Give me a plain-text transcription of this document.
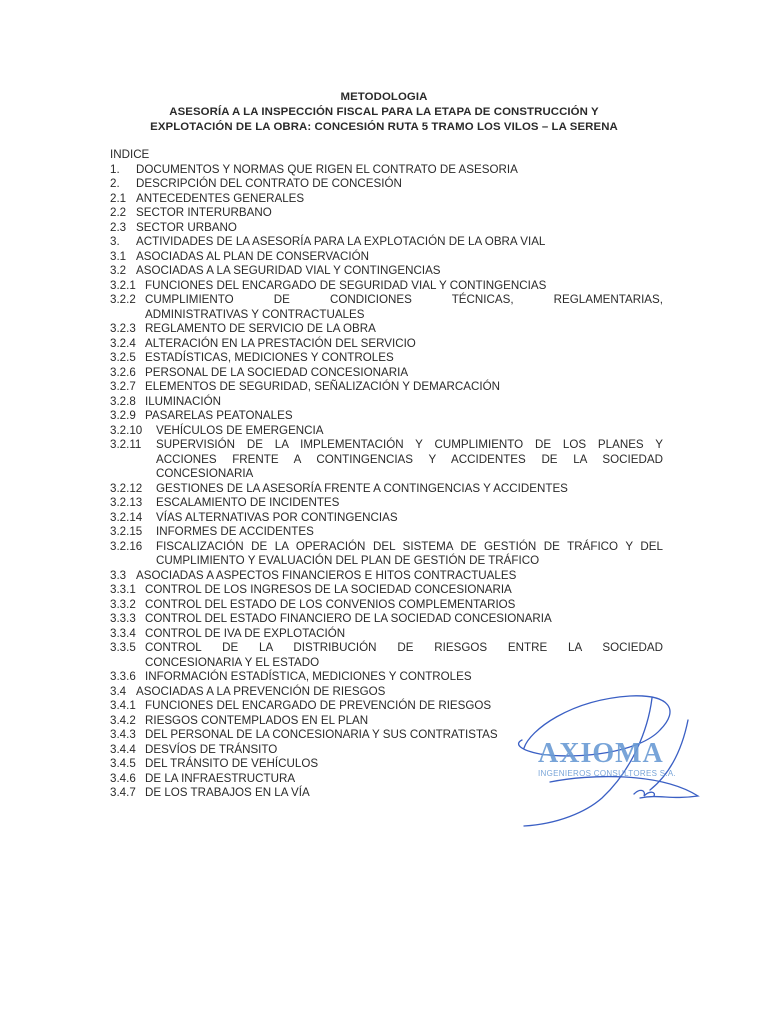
METODOLOGIA
ASESORÍA A LA INSPECCIÓN FISCAL PARA LA ETAPA DE CONSTRUCCIÓN Y
EXPLOTACIÓN DE LA OBRA: CONCESIÓN RUTA 5 TRAMO LOS VILOS – LA SERENA
INDICE
1.	DOCUMENTOS Y NORMAS QUE RIGEN EL CONTRATO DE ASESORIA
2.	DESCRIPCIÓN DEL CONTRATO DE CONCESIÓN
2.1 ANTECEDENTES GENERALES
2.2 SECTOR INTERURBANO
2.3 SECTOR URBANO
3.	ACTIVIDADES DE LA ASESORÍA PARA LA EXPLOTACIÓN DE LA OBRA VIAL
3.1 ASOCIADAS AL PLAN DE CONSERVACIÓN
3.2 ASOCIADAS A LA SEGURIDAD VIAL Y CONTINGENCIAS
3.2.1 FUNCIONES DEL ENCARGADO DE SEGURIDAD VIAL Y CONTINGENCIAS
3.2.2 CUMPLIMIENTO DE CONDICIONES TÉCNICAS, REGLAMENTARIAS,
ADMINISTRATIVAS Y CONTRACTUALES
3.2.3 REGLAMENTO DE SERVICIO DE LA OBRA
3.2.4 ALTERACIÓN EN LA PRESTACIÓN DEL SERVICIO
3.2.5 ESTADÍSTICAS, MEDICIONES Y CONTROLES
3.2.6 PERSONAL DE LA SOCIEDAD CONCESIONARIA
3.2.7 ELEMENTOS DE SEGURIDAD, SEÑALIZACIÓN Y DEMARCACIÓN
3.2.8 ILUMINACIÓN
3.2.9 PASARELAS PEATONALES
3.2.10	VEHÍCULOS DE EMERGENCIA
3.2.11	SUPERVISIÓN DE LA IMPLEMENTACIÓN Y CUMPLIMIENTO DE LOS PLANES Y
ACCIONES FRENTE A CONTINGENCIAS Y ACCIDENTES DE LA SOCIEDAD
CONCESIONARIA
3.2.12	GESTIONES DE LA ASESORÍA FRENTE A CONTINGENCIAS Y ACCIDENTES
3.2.13	ESCALAMIENTO DE INCIDENTES
3.2.14	VÍAS ALTERNATIVAS POR CONTINGENCIAS
3.2.15	INFORMES DE ACCIDENTES
3.2.16	FISCALIZACIÓN DE LA OPERACIÓN DEL SISTEMA DE GESTIÓN DE TRÁFICO Y DEL
CUMPLIMIENTO Y EVALUACIÓN DEL PLAN DE GESTIÓN DE TRÁFICO
3.3 ASOCIADAS A ASPECTOS FINANCIEROS E HITOS CONTRACTUALES
3.3.1 CONTROL DE LOS INGRESOS DE LA SOCIEDAD CONCESIONARIA
3.3.2 CONTROL DEL ESTADO DE LOS CONVENIOS COMPLEMENTARIOS
3.3.3 CONTROL DEL ESTADO FINANCIERO DE LA SOCIEDAD CONCESIONARIA
3.3.4 CONTROL DE IVA DE EXPLOTACIÓN
3.3.5 CONTROL DE LA DISTRIBUCIÓN DE RIESGOS ENTRE LA SOCIEDAD
CONCESIONARIA Y EL ESTADO
3.3.6 INFORMACIÓN ESTADÍSTICA, MEDICIONES Y CONTROLES
3.4 ASOCIADAS A LA PREVENCIÓN DE RIESGOS
3.4.1 FUNCIONES DEL ENCARGADO DE PREVENCIÓN DE RIESGOS
3.4.2 RIESGOS CONTEMPLADOS EN EL PLAN
3.4.3 DEL PERSONAL DE LA CONCESIONARIA Y SUS CONTRATISTAS
3.4.4 DESVÍOS DE TRÁNSITO
3.4.5 DEL TRÁNSITO DE VEHÍCULOS
3.4.6 DE LA INFRAESTRUCTURA
3.4.7 DE LOS TRABAJOS EN LA VÍA
AXIOMA
INGENIEROS CONSULTORES S.A.
